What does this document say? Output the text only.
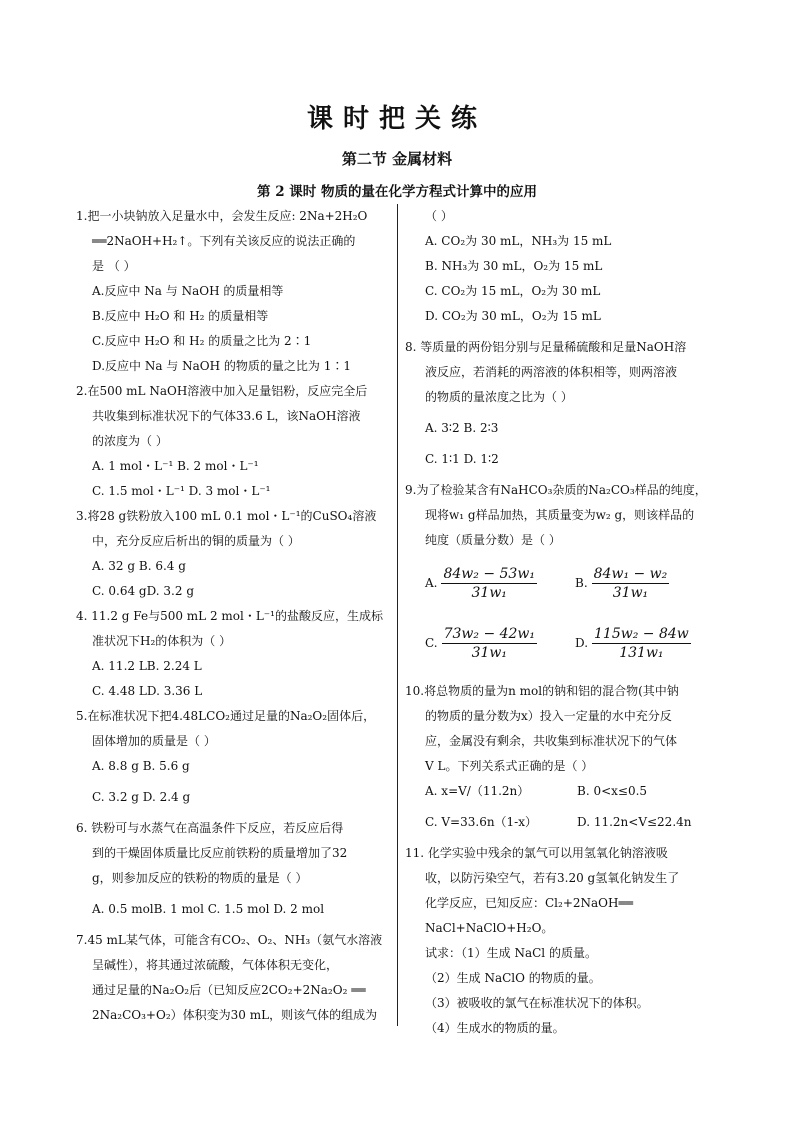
课时把关练
第二节 金属材料
第 2 课时 物质的量在化学方程式计算中的应用
1.把一小块钠放入足量水中，会发生反应: 2Na+2H₂O
══2NaOH+H₂↑。下列有关该反应的说法正确的
是 （ ）
A.反应中 Na 与 NaOH 的质量相等
B.反应中 H₂O 和 H₂ 的质量相等
C.反应中 H₂O 和 H₂ 的质量之比为 2∶1
D.反应中 Na 与 NaOH 的物质的量之比为 1∶1
2.在500 mL NaOH溶液中加入足量铝粉，反应完全后
共收集到标准状况下的气体33.6 L，该NaOH溶液
的浓度为（ ）
A. 1 mol・L⁻¹ B. 2 mol・L⁻¹
C. 1.5 mol・L⁻¹ D. 3 mol・L⁻¹
3.将28 g铁粉放入100 mL 0.1 mol・L⁻¹的CuSO₄溶液
中，充分反应后析出的铜的质量为（ ）
A. 32 g B. 6.4 g
C. 0.64 gD. 3.2 g
4. 11.2 g Fe与500 mL 2 mol・L⁻¹的盐酸反应，生成标
准状况下H₂的体积为（ ）
A. 11.2 LB. 2.24 L
C. 4.48 LD. 3.36 L
5.在标准状况下把4.48LCO₂通过足量的Na₂O₂固体后，
固体增加的质量是（ ）
A. 8.8 g B. 5.6 g
C. 3.2 g D. 2.4 g
6. 铁粉可与水蒸气在高温条件下反应，若反应后得
到的干燥固体质量比反应前铁粉的质量增加了32
g，则参加反应的铁粉的物质的量是（ ）
A. 0.5 molB. 1 mol C. 1.5 mol D. 2 mol
7.45 mL某气体，可能含有CO₂、O₂、NH₃（氨气水溶液
呈碱性），将其通过浓硫酸，气体体积无变化，
通过足量的Na₂O₂后（已知反应2CO₂+2Na₂O₂ ══
2Na₂CO₃+O₂）体积变为30 mL，则该气体的组成为
（ ）
A. CO₂为 30 mL，NH₃为 15 mL
B. NH₃为 30 mL，O₂为 15 mL
C. CO₂为 15 mL，O₂为 30 mL
D. CO₂为 30 mL，O₂为 15 mL
8. 等质量的两份铝分别与足量稀硫酸和足量NaOH溶
液反应，若消耗的两溶液的体积相等，则两溶液
的物质的量浓度之比为（ ）
A. 3∶2 B. 2∶3
C. 1∶1 D. 1∶2
9.为了检验某含有NaHCO₃杂质的Na₂CO₃样品的纯度，
现将w₁ g样品加热，其质量变为w₂ g，则该样品的
纯度（质量分数）是（ ）
A. $\frac{\text{84w₂ − 53w₁}}{\text{31w₁}}$	B. $\frac{\text{84w₁ − w₂}}{\text{31w₁}}$
C. $\frac{\text{73w₂ − 42w₁}}{\text{31w₁}}$	D. $\frac{\text{115w₂ − 84w}}{\text{131w₁}}$
10.将总物质的量为n mol的钠和铝的混合物(其中钠
的物质的量分数为x）投入一定量的水中充分反
应，金属没有剩余，共收集到标准状况下的气体
V L。下列关系式正确的是（ ）
A. x=V/（11.2n）	B. 0<x≤0.5
C. V=33.6n（1-x）	D. 11.2n<V≤22.4n
11. 化学实验中残余的氯气可以用氢氧化钠溶液吸
收，以防污染空气，若有3.20 g氢氧化钠发生了
化学反应，已知反应：Cl₂+2NaOH══
NaCl+NaClO+H₂O。
试求：（1）生成 NaCl 的质量。
（2）生成 NaClO 的物质的量。
（3）被吸收的氯气在标准状况下的体积。
（4）生成水的物质的量。
